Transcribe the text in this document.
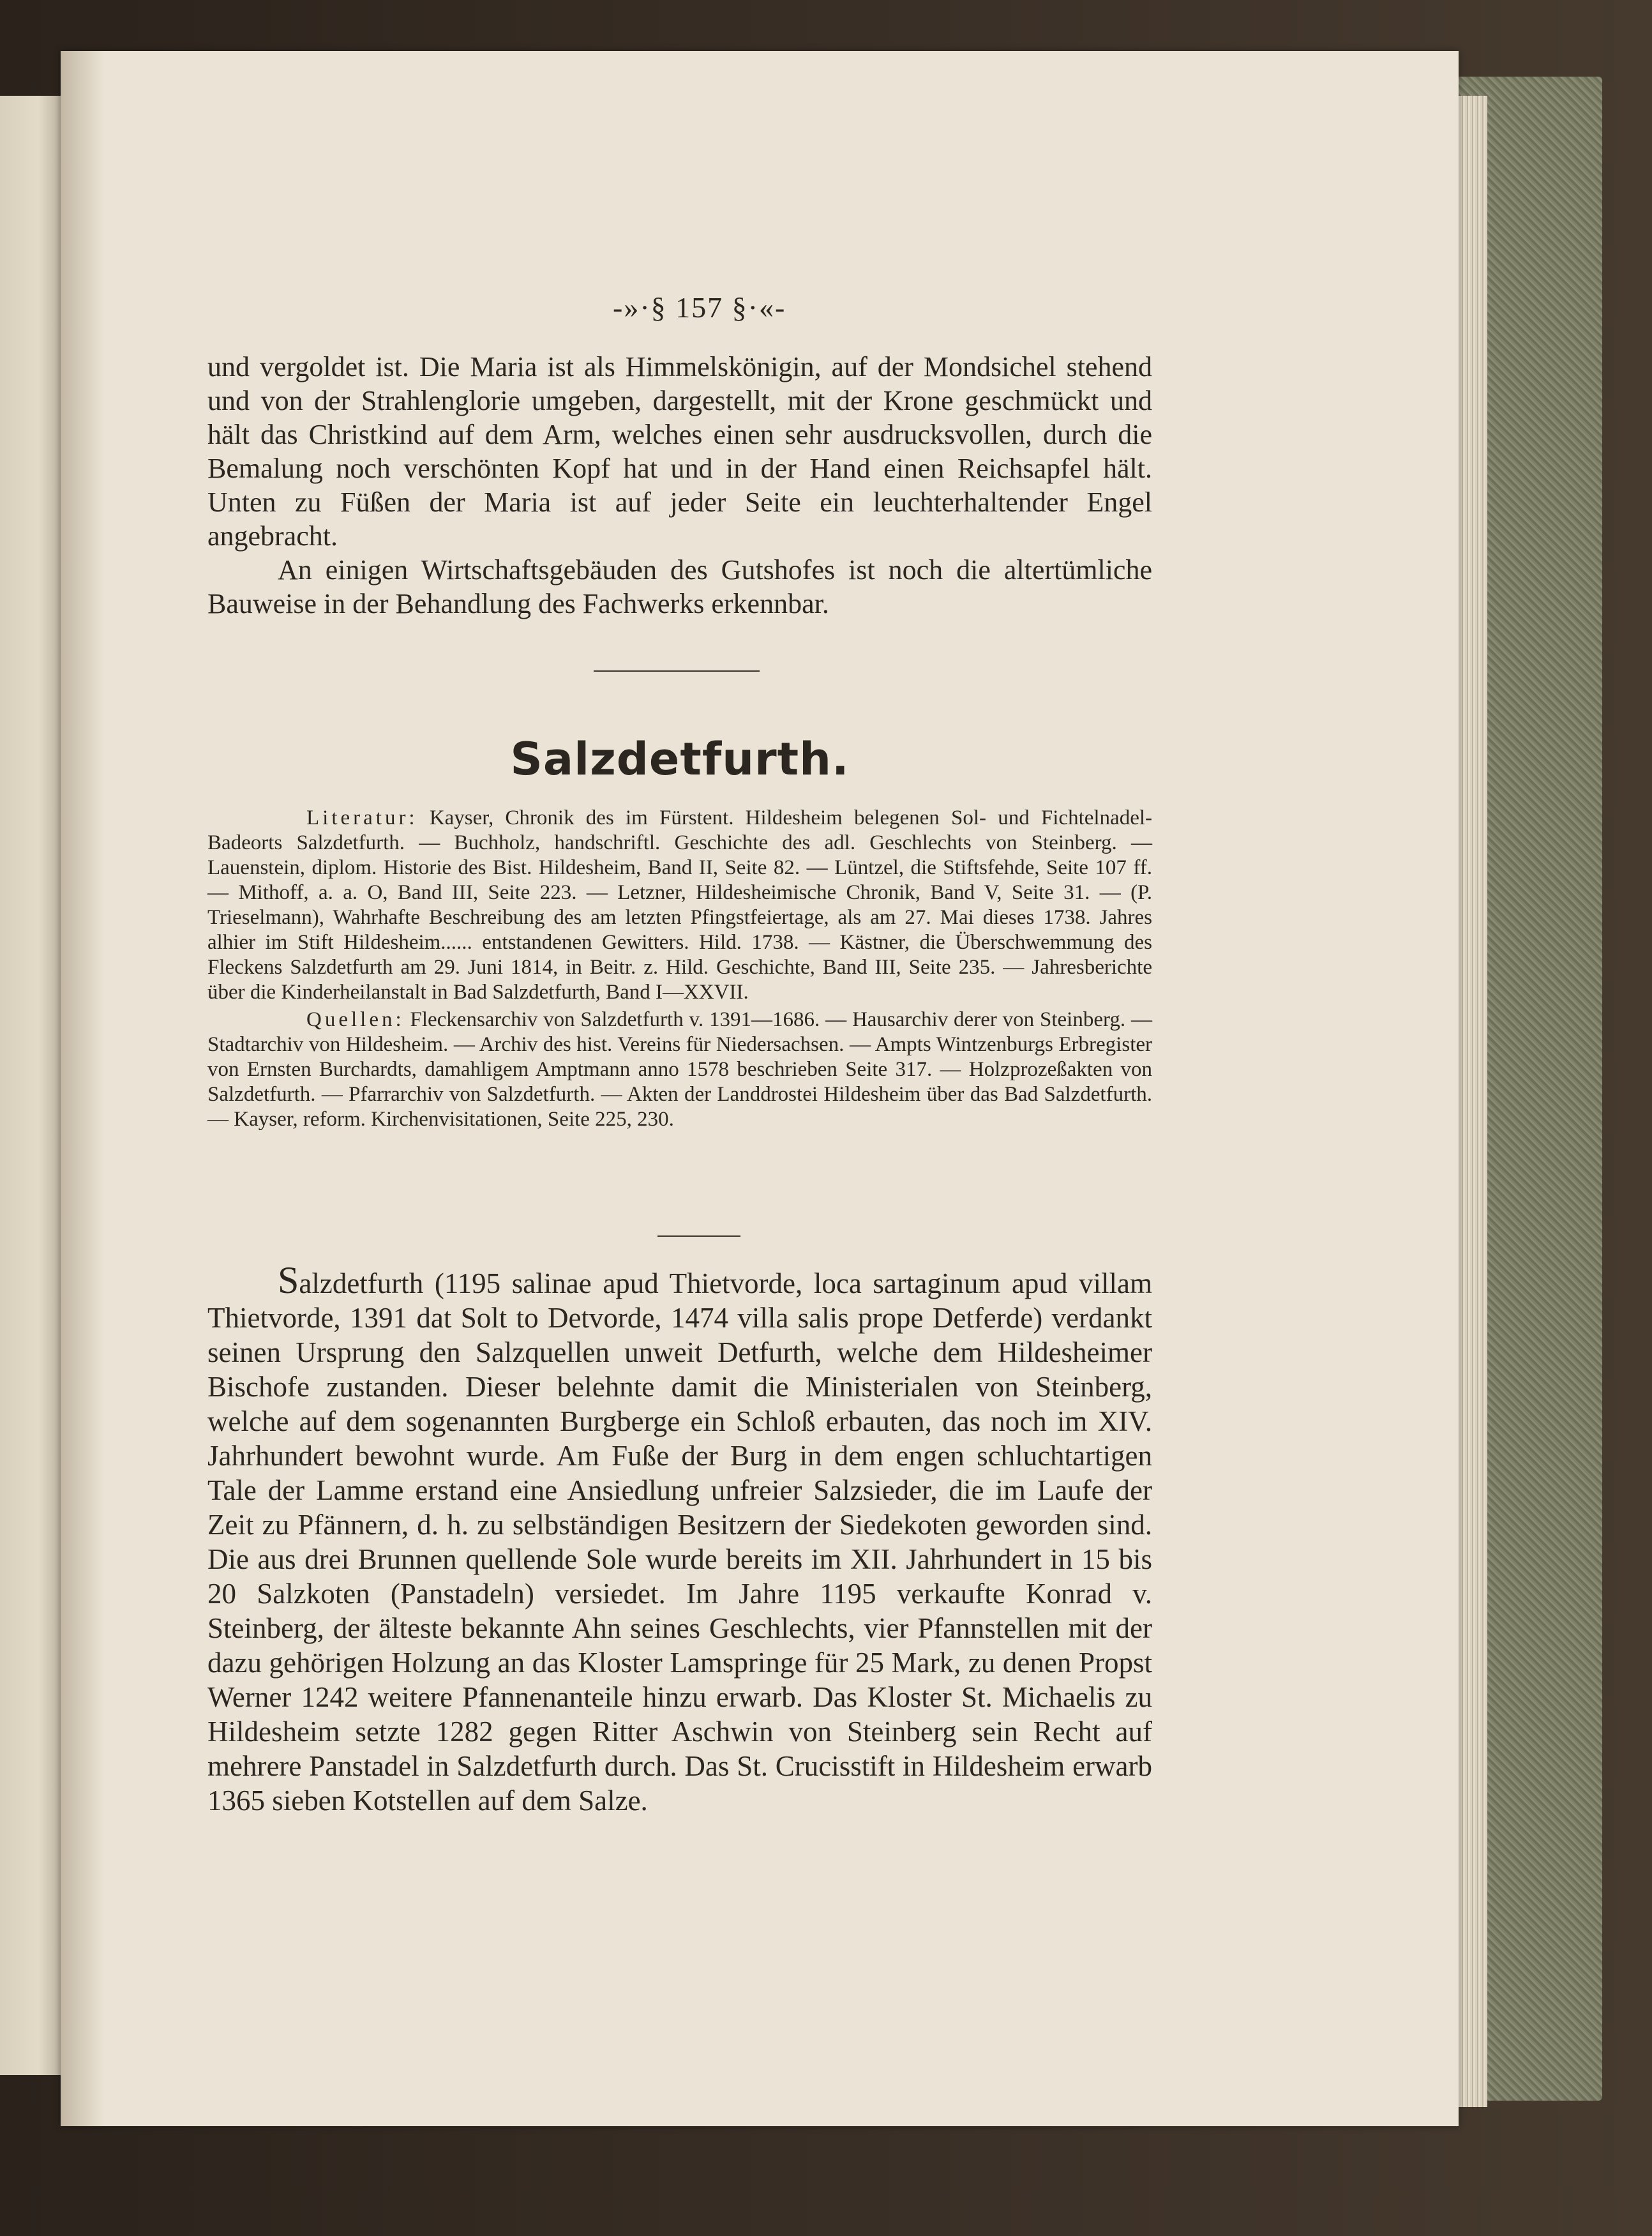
-»·§ 157 §·«-

und vergoldet ist. Die Maria ist als Himmelskönigin, auf der Mondsichel stehend und von der Strahlenglorie umgeben, dargestellt, mit der Krone geschmückt und hält das Christkind auf dem Arm, welches einen sehr ausdrucksvollen, durch die Bemalung noch verschönten Kopf hat und in der Hand einen Reichsapfel hält. Unten zu Füßen der Maria ist auf jeder Seite ein leuchterhaltender Engel angebracht.

An einigen Wirtschaftsgebäuden des Gutshofes ist noch die altertümliche Bauweise in der Behandlung des Fachwerks erkennbar.

Salzdetfurth.

Literatur: Kayser, Chronik des im Fürstent. Hildesheim belegenen Sol- und Fichtelnadel-Badeorts Salzdetfurth. — Buchholz, handschriftl. Geschichte des adl. Geschlechts von Steinberg. — Lauenstein, diplom. Historie des Bist. Hildesheim, Band II, Seite 82. — Lüntzel, die Stiftsfehde, Seite 107 ff. — Mithoff, a. a. O, Band III, Seite 223. — Letzner, Hildesheimische Chronik, Band V, Seite 31. — (P. Trieselmann), Wahrhafte Beschreibung des am letzten Pfingstfeiertage, als am 27. Mai dieses 1738. Jahres alhier im Stift Hildesheim...... entstandenen Gewitters. Hild. 1738. — Kästner, die Überschwemmung des Fleckens Salzdetfurth am 29. Juni 1814, in Beitr. z. Hild. Geschichte, Band III, Seite 235. — Jahresberichte über die Kinderheilanstalt in Bad Salzdetfurth, Band I—XXVII.

Quellen: Fleckensarchiv von Salzdetfurth v. 1391—1686. — Hausarchiv derer von Steinberg. — Stadtarchiv von Hildesheim. — Archiv des hist. Vereins für Niedersachsen. — Ampts Wintzenburgs Erbregister von Ernsten Burchardts, damahligem Amptmann anno 1578 beschrieben Seite 317. — Holzprozeßakten von Salzdetfurth. — Pfarrarchiv von Salzdetfurth. — Akten der Landdrostei Hildesheim über das Bad Salzdetfurth. — Kayser, reform. Kirchenvisitationen, Seite 225, 230.

Salzdetfurth (1195 salinae apud Thietvorde, loca sartaginum apud villam Thietvorde, 1391 dat Solt to Detvorde, 1474 villa salis prope Detferde) verdankt seinen Ursprung den Salzquellen unweit Detfurth, welche dem Hildesheimer Bischofe zustanden. Dieser belehnte damit die Ministerialen von Steinberg, welche auf dem sogenannten Burgberge ein Schloß erbauten, das noch im XIV. Jahrhundert bewohnt wurde. Am Fuße der Burg in dem engen schluchtartigen Tale der Lamme erstand eine Ansiedlung unfreier Salzsieder, die im Laufe der Zeit zu Pfännern, d. h. zu selbständigen Besitzern der Siedekoten geworden sind. Die aus drei Brunnen quellende Sole wurde bereits im XII. Jahrhundert in 15 bis 20 Salzkoten (Panstadeln) versiedet. Im Jahre 1195 verkaufte Konrad v. Steinberg, der älteste bekannte Ahn seines Geschlechts, vier Pfannstellen mit der dazu gehörigen Holzung an das Kloster Lamspringe für 25 Mark, zu denen Propst Werner 1242 weitere Pfannenanteile hinzu erwarb. Das Kloster St. Michaelis zu Hildesheim setzte 1282 gegen Ritter Aschwin von Steinberg sein Recht auf mehrere Panstadel in Salzdetfurth durch. Das St. Crucisstift in Hildesheim erwarb 1365 sieben Kotstellen auf dem Salze.
